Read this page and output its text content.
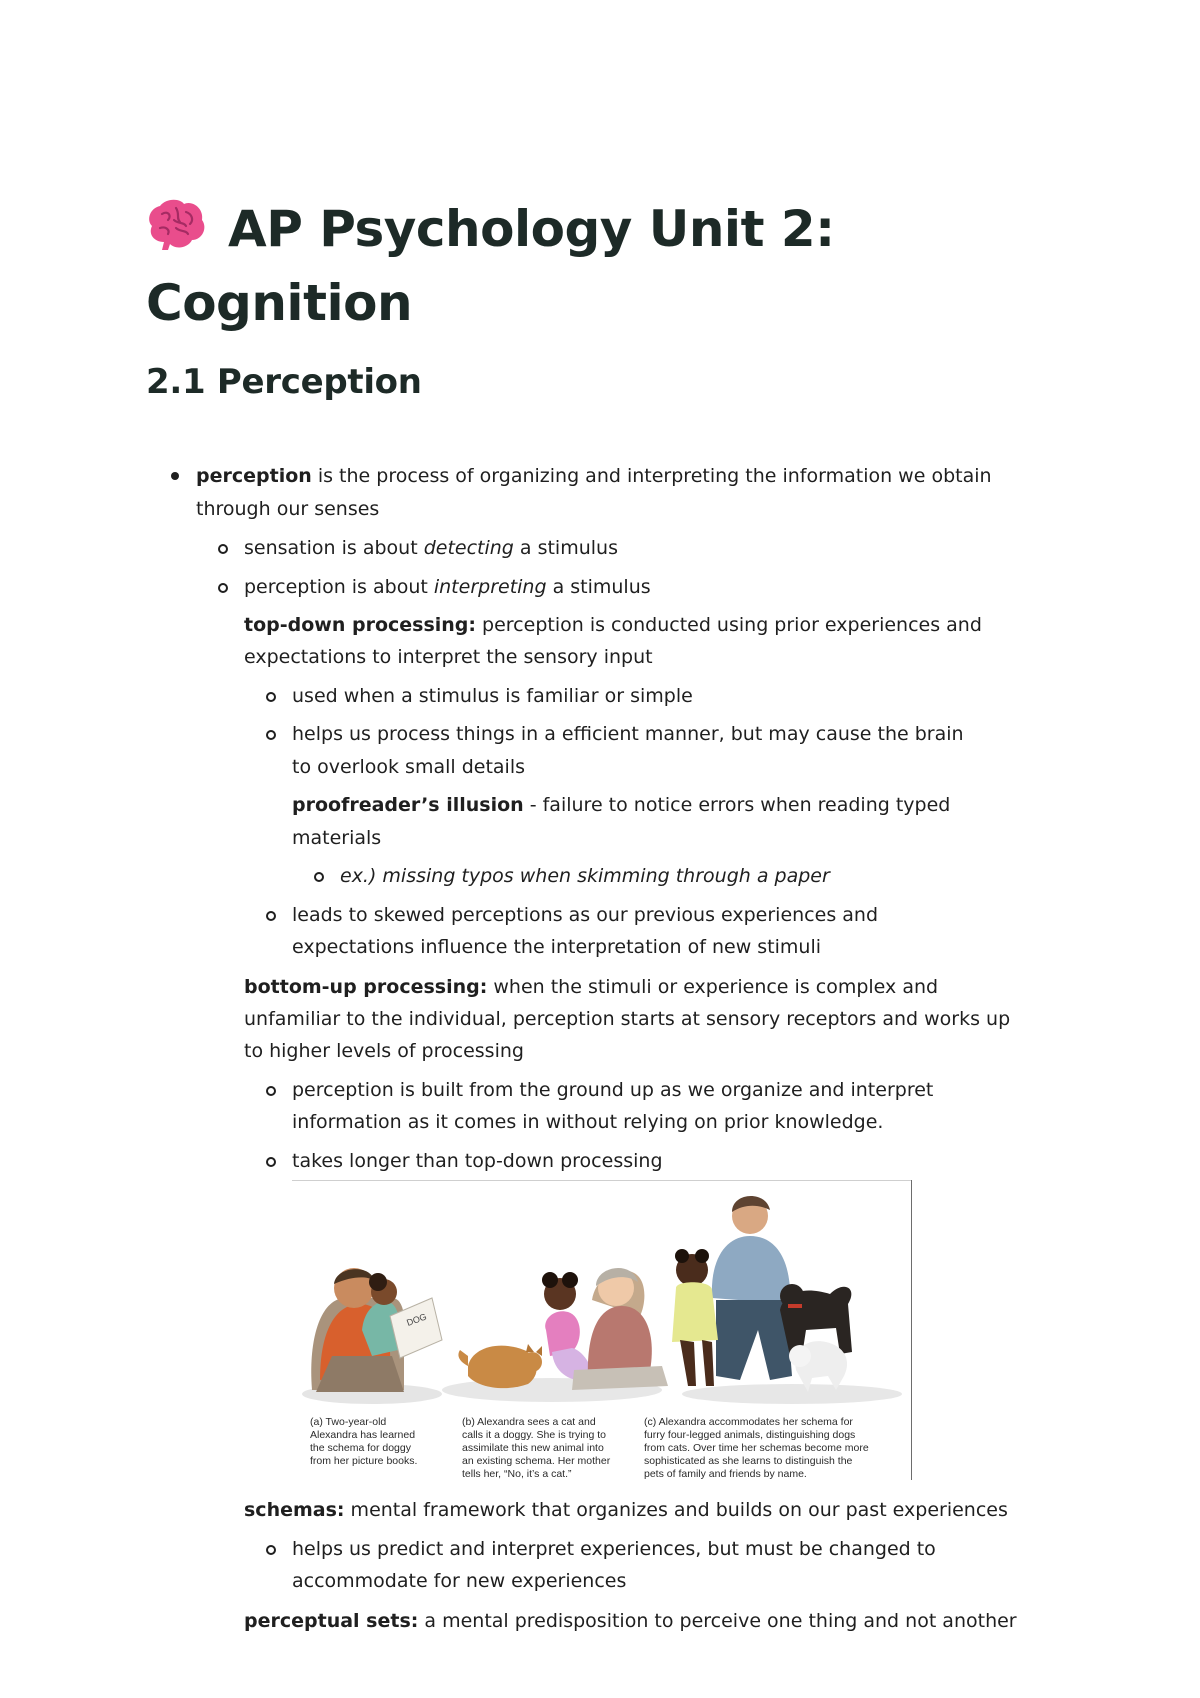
AP Psychology Unit 2:
Cognition
2.1 Perception
perception is the process of organizing and interpreting the information we obtain
through our senses
sensation is about detecting a stimulus
perception is about interpreting a stimulus
top-down processing: perception is conducted using prior experiences and
expectations to interpret the sensory input
used when a stimulus is familiar or simple
helps us process things in a efficient manner, but may cause the brain
to overlook small details
proofreader’s illusion - failure to notice errors when reading typed
materials
ex.) missing typos when skimming through a paper
leads to skewed perceptions as our previous experiences and
expectations influence the interpretation of new stimuli
bottom-up processing: when the stimuli or experience is complex and
unfamiliar to the individual, perception starts at sensory receptors and works up
to higher levels of processing
perception is built from the ground up as we organize and interpret
information as it comes in without relying on prior knowledge.
takes longer than top-down processing
DOG
(a) Two-year-old
Alexandra has learned
the schema for doggy
from her picture books.
(b) Alexandra sees a cat and
calls it a doggy. She is trying to
assimilate this new animal into
an existing schema. Her mother
tells her, “No, it’s a cat.”
(c) Alexandra accommodates her schema for
furry four-legged animals, distinguishing dogs
from cats. Over time her schemas become more
sophisticated as she learns to distinguish the
pets of family and friends by name.
schemas: mental framework that organizes and builds on our past experiences
helps us predict and interpret experiences, but must be changed to
accommodate for new experiences
perceptual sets: a mental predisposition to perceive one thing and not another
